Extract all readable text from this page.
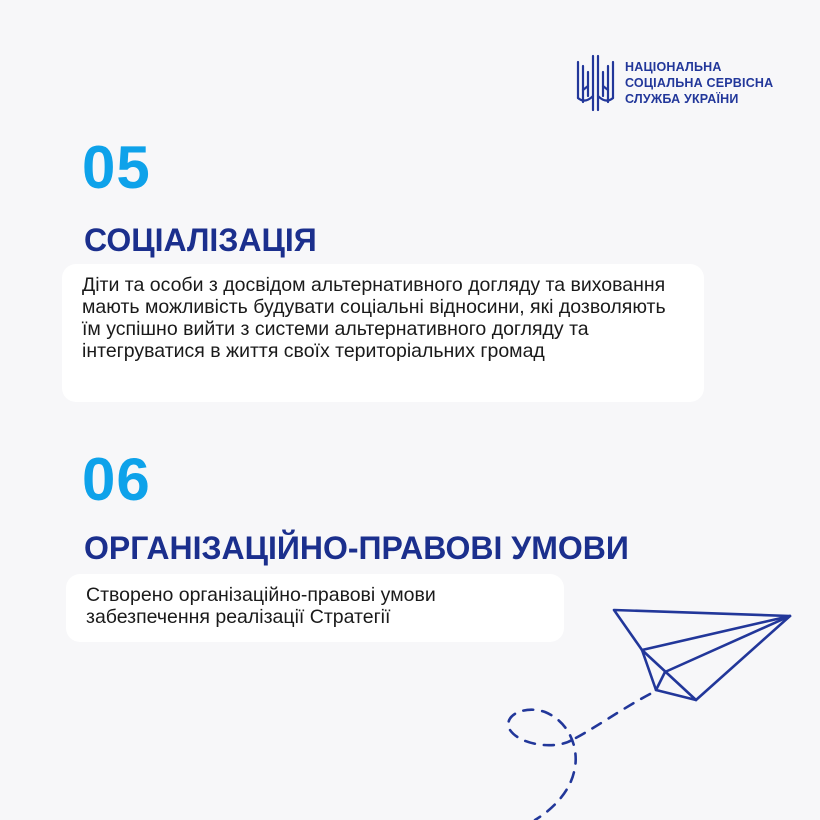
НАЦІОНАЛЬНА
СОЦІАЛЬНА СЕРВІСНА
СЛУЖБА УКРАЇНИ
05
СОЦІАЛІЗАЦІЯ

Діти та особи з досвідом альтернативного догляду та виховання мають можливість будувати соціальні відносини, які дозволяють їм успішно вийти з системи альтернативного догляду та інтегруватися в життя своїх територіальних громад

06
ОРГАНІЗАЦІЙНО-ПРАВОВІ УМОВИ

Створено організаційно-правові умови забезпечення реалізації Стратегії
